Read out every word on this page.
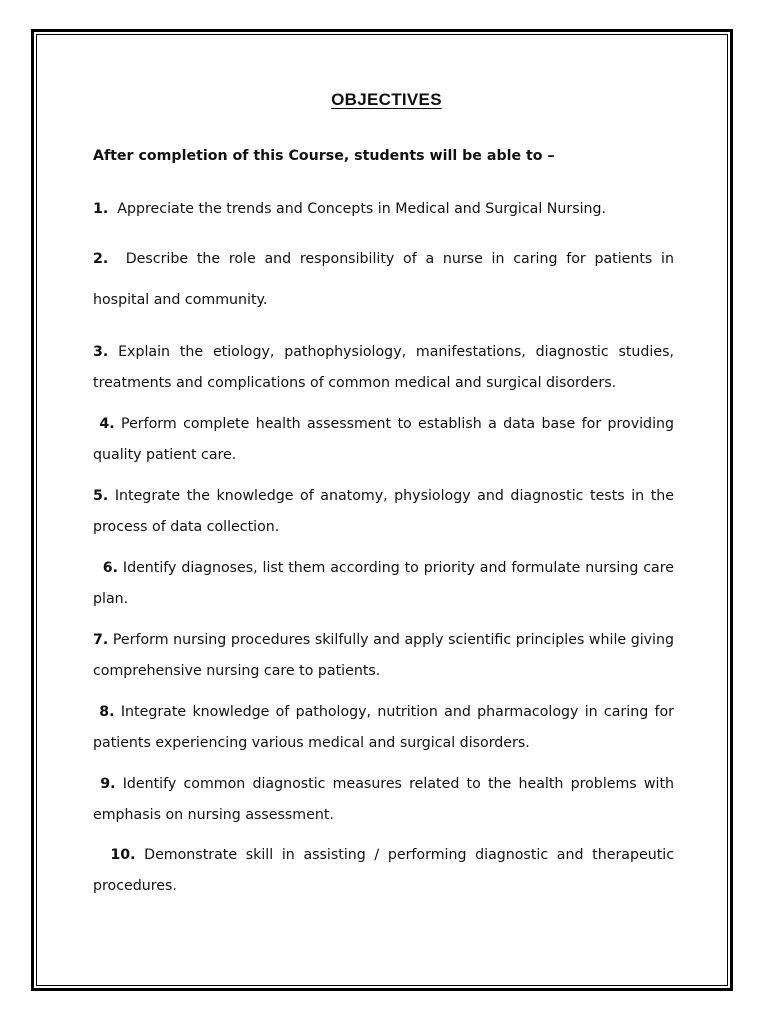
OBJECTIVES

After completion of this Course, students will be able to –

1. Appreciate the trends and Concepts in Medical and Surgical Nursing.

2. Describe the role and responsibility of a nurse in caring for patients in hospital and community.

3. Explain the etiology, pathophysiology, manifestations, diagnostic studies, treatments and complications of common medical and surgical disorders.

4. Perform complete health assessment to establish a data base for providing quality patient care.

5. Integrate the knowledge of anatomy, physiology and diagnostic tests in the process of data collection.

6. Identify diagnoses, list them according to priority and formulate nursing care plan.

7. Perform nursing procedures skilfully and apply scientific principles while giving comprehensive nursing care to patients.

8. Integrate knowledge of pathology, nutrition and pharmacology in caring for patients experiencing various medical and surgical disorders.

9. Identify common diagnostic measures related to the health problems with emphasis on nursing assessment.

10. Demonstrate skill in assisting / performing diagnostic and therapeutic procedures.
